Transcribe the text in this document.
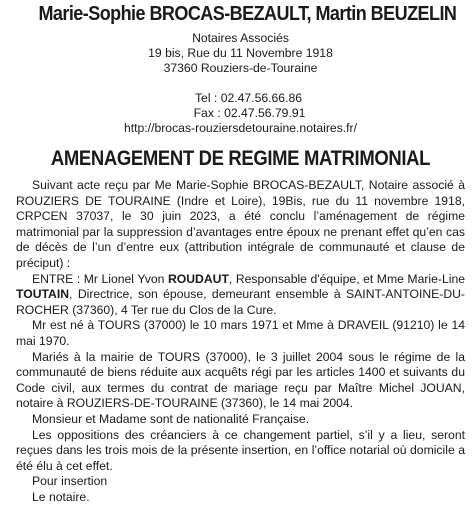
Marie-Sophie BROCAS-BEZAULT, Martin BEUZELIN
Notaires Associés
19 bis, Rue du 11 Novembre 1918
37360 Rouziers-de-Touraine
Tel : 02.47.56.66.86
Fax : 02.47.56.79.91
http://brocas-rouziersdetouraine.notaires.fr/
AMENAGEMENT DE REGIME MATRIMONIAL

Suivant acte reçu par Me Marie-Sophie BROCAS-BEZAULT, Notaire associé à ROUZIERS DE TOURAINE (Indre et Loire), 19Bis, rue du 11 novembre 1918, CRPCEN 37037, le 30 juin 2023, a été conclu l’aménagement de régime matrimonial par la suppression d’avantages entre époux ne prenant effet qu’en cas de décès de l’un d’entre eux (attribution intégrale de communauté et clause de préciput) :

ENTRE : Mr Lionel Yvon ROUDAUT, Responsable d'équipe, et Mme Marie-Line TOUTAIN, Directrice, son épouse, demeurant ensemble à SAINT-ANTOINE-DU-ROCHER (37360), 4 Ter rue du Clos de la Cure.

Mr est né à TOURS (37000) le 10 mars 1971 et Mme à DRAVEIL (91210) le 14 mai 1970.

Mariés à la mairie de TOURS (37000), le 3 juillet 2004 sous le régime de la communauté de biens réduite aux acquêts régi par les articles 1400 et suivants du Code civil, aux termes du contrat de mariage reçu par Maître Michel JOUAN, notaire à ROUZIERS-DE-TOURAINE (37360), le 14 mai 2004.

Monsieur et Madame sont de nationalité Française.

Les oppositions des créanciers à ce changement partiel, s’il y a lieu, seront reçues dans les trois mois de la présente insertion, en l’office notarial où domicile a été élu à cet effet.

Pour insertion
Le notaire.
